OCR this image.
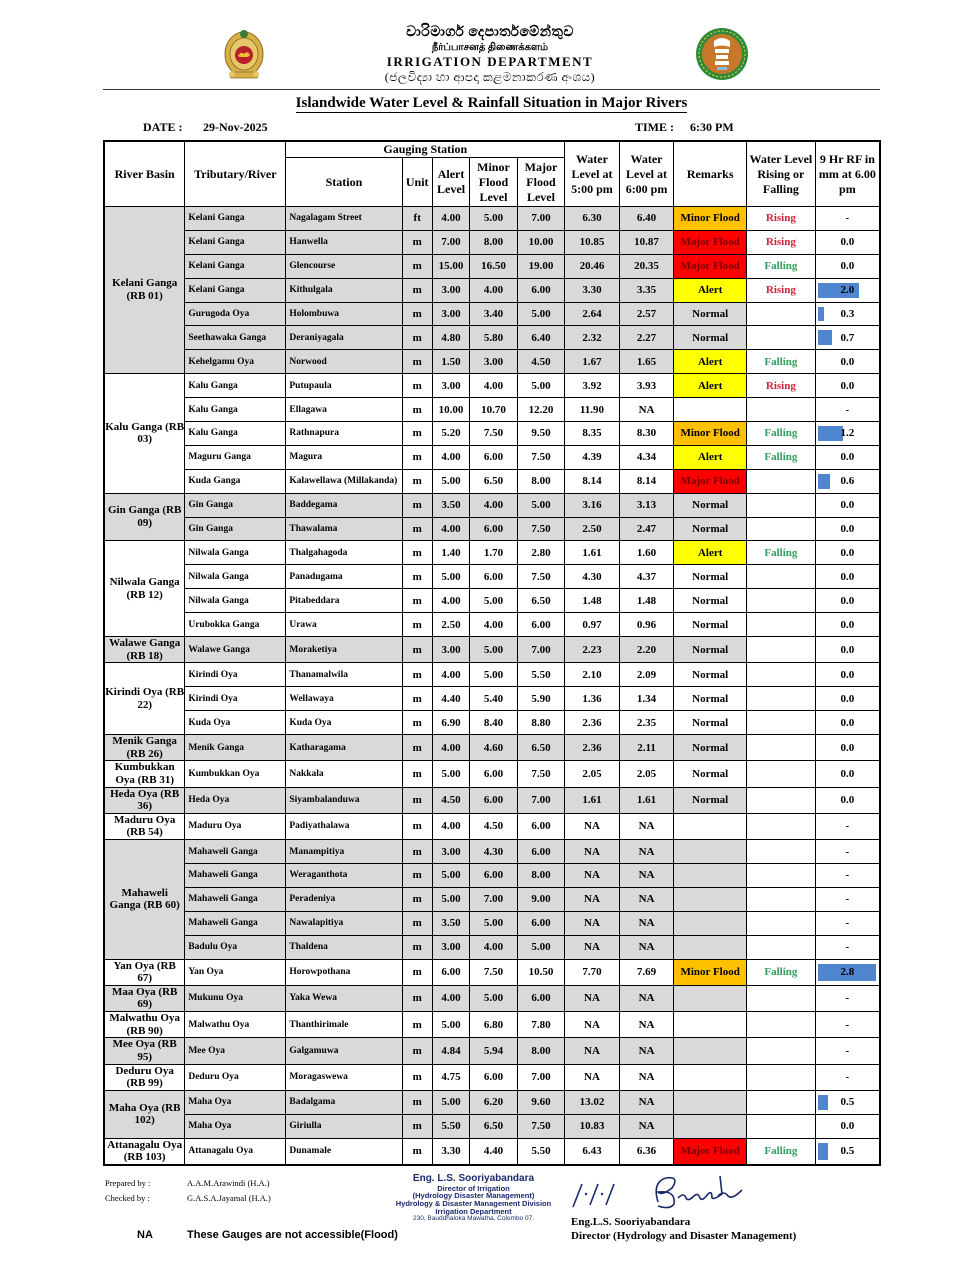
වාරිමාර්ග දෙපාර්තමේන්තුව
நீர்ப்பாசனத் திணைக்களம்
IRRIGATION DEPARTMENT
(ජලවිද්‍යා හා ආපදා කළමනාකරණ අංශය)
Islandwide Water Level & Rainfall Situation in Major Rivers
DATE : 29-Nov-2025	TIME : 6:30 PM
River Basin	Tributary/River	Gauging Station					Water Level at 5:00 pm	Water Level at 6:00 pm	Remarks	Water Level Rising or Falling	9 Hr RF in mm at 6.00 pm
		Station	Unit	Alert Level	Minor Flood Level	Major Flood Level					
Kelani Ganga (RB 01)	Kelani Ganga	Nagalagam Street	ft	4.00	5.00	7.00	6.30	6.40	Minor Flood	Rising	-
	Kelani Ganga	Hanwella	m	7.00	8.00	10.00	10.85	10.87	Major Flood	Rising	0.0
	Kelani Ganga	Glencourse	m	15.00	16.50	19.00	20.46	20.35	Major Flood	Falling	0.0
	Kelani Ganga	Kithulgala	m	3.00	4.00	6.00	3.30	3.35	Alert	Rising	2.0
	Gurugoda Oya	Holombuwa	m	3.00	3.40	5.00	2.64	2.57	Normal		0.3
	Seethawaka Ganga	Deraniyagala	m	4.80	5.80	6.40	2.32	2.27	Normal		0.7
	Kehelgamu Oya	Norwood	m	1.50	3.00	4.50	1.67	1.65	Alert	Falling	0.0
Kalu Ganga (RB 03)	Kalu Ganga	Putupaula	m	3.00	4.00	5.00	3.92	3.93	Alert	Rising	0.0
	Kalu Ganga	Ellagawa	m	10.00	10.70	12.20	11.90	NA			-
	Kalu Ganga	Rathnapura	m	5.20	7.50	9.50	8.35	8.30	Minor Flood	Falling	1.2
	Maguru Ganga	Magura	m	4.00	6.00	7.50	4.39	4.34	Alert	Falling	0.0
	Kuda Ganga	Kalawellawa (Millakanda)	m	5.00	6.50	8.00	8.14	8.14	Major Flood		0.6
Gin Ganga (RB 09)	Gin Ganga	Baddegama	m	3.50	4.00	5.00	3.16	3.13	Normal		0.0
	Gin Ganga	Thawalama	m	4.00	6.00	7.50	2.50	2.47	Normal		0.0
Nilwala Ganga (RB 12)	Nilwala Ganga	Thalgahagoda	m	1.40	1.70	2.80	1.61	1.60	Alert	Falling	0.0
	Nilwala Ganga	Panadugama	m	5.00	6.00	7.50	4.30	4.37	Normal		0.0
	Nilwala Ganga	Pitabeddara	m	4.00	5.00	6.50	1.48	1.48	Normal		0.0
	Urubokka Ganga	Urawa	m	2.50	4.00	6.00	0.97	0.96	Normal		0.0
Walawe Ganga (RB 18)	Walawe Ganga	Moraketiya	m	3.00	5.00	7.00	2.23	2.20	Normal		0.0
Kirindi Oya (RB 22)	Kirindi Oya	Thanamalwila	m	4.00	5.00	5.50	2.10	2.09	Normal		0.0
	Kirindi Oya	Wellawaya	m	4.40	5.40	5.90	1.36	1.34	Normal		0.0
	Kuda Oya	Kuda Oya	m	6.90	8.40	8.80	2.36	2.35	Normal		0.0
Menik Ganga (RB 26)	Menik Ganga	Katharagama	m	4.00	4.60	6.50	2.36	2.11	Normal		0.0
Kumbukkan Oya (RB 31)	Kumbukkan Oya	Nakkala	m	5.00	6.00	7.50	2.05	2.05	Normal		0.0
Heda Oya (RB 36)	Heda Oya	Siyambalanduwa	m	4.50	6.00	7.00	1.61	1.61	Normal		0.0
Maduru Oya (RB 54)	Maduru Oya	Padiyathalawa	m	4.00	4.50	6.00	NA	NA			-
Mahaweli Ganga (RB 60)	Mahaweli Ganga	Manampitiya	m	3.00	4.30	6.00	NA	NA			-
	Mahaweli Ganga	Weraganthota	m	5.00	6.00	8.00	NA	NA			-
	Mahaweli Ganga	Peradeniya	m	5.00	7.00	9.00	NA	NA			-
	Mahaweli Ganga	Nawalapitiya	m	3.50	5.00	6.00	NA	NA			-
	Badulu Oya	Thaldena	m	3.00	4.00	5.00	NA	NA			-
Yan Oya (RB 67)	Yan Oya	Horowpothana	m	6.00	7.50	10.50	7.70	7.69	Minor Flood	Falling	2.8
Maa Oya (RB 69)	Mukunu Oya	Yaka Wewa	m	4.00	5.00	6.00	NA	NA			-
Malwathu Oya (RB 90)	Malwathu Oya	Thanthirimale	m	5.00	6.80	7.80	NA	NA			-
Mee Oya (RB 95)	Mee Oya	Galgamuwa	m	4.84	5.94	8.00	NA	NA			-
Deduru Oya (RB 99)	Deduru Oya	Moragaswewa	m	4.75	6.00	7.00	NA	NA			-
Maha Oya (RB 102)	Maha Oya	Badalgama	m	5.00	6.20	9.60	13.02	NA			0.5
	Maha Oya	Giriulla	m	5.50	6.50	7.50	10.83	NA			0.0
Attanagalu Oya (RB 103)	Attanagalu Oya	Dunamale	m	3.30	4.40	5.50	6.43	6.36	Major Flood	Falling	0.5
Prepared by :	A.A.M.Arawindi (H.A.)
Checked by :	G.A.S.A.Jayamal (H.A.)
Eng. L.S. Sooriyabandara
Director of Irrigation
(Hydrology Disaster Management)
Hydrology & Disaster Management Division
Irrigation Department
230, Bauddhaloka Mawatha, Colombo 07.	Eng.L.S. Sooriyabandara
Director (Hydrology and Disaster Management)
NA	These Gauges are not accessible(Flood)
